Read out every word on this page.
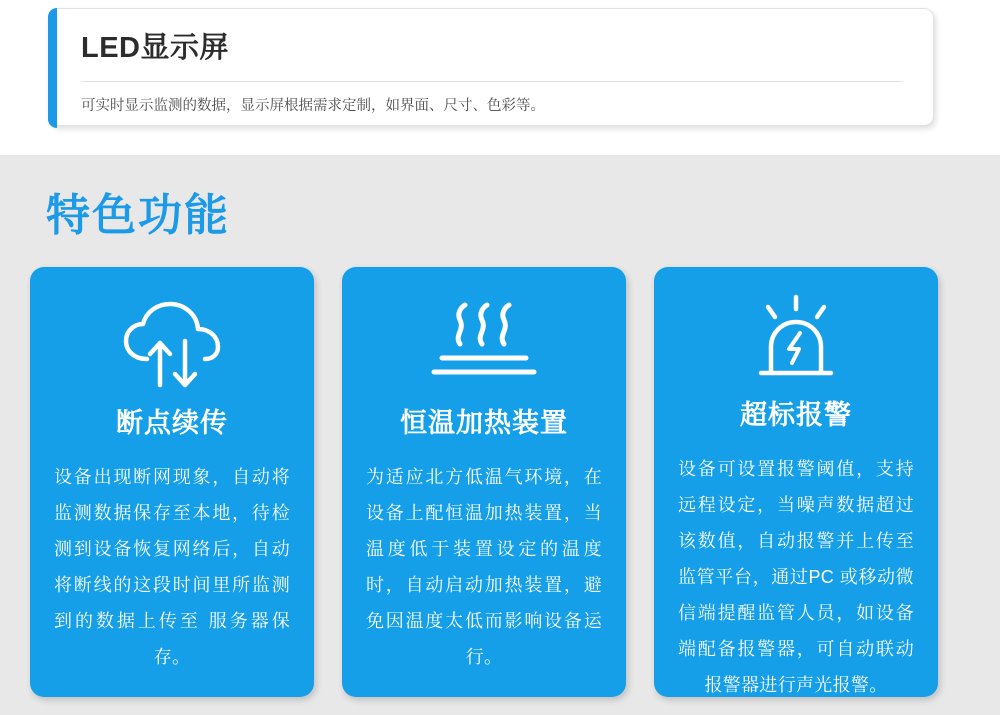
LED显示屏

可实时显示监测的数据，显示屏根据需求定制，如界面、尺寸、色彩等。

特色功能
断点续传

设备出现断网现象，自动将监测数据保存至本地，待检测到设备恢复网络后，自动将断线的这段时间里所监测到的数据上传至 服务器保存。

恒温加热装置

为适应北方低温气环境，在设备上配恒温加热装置，当温度低于装置设定的温度时，自动启动加热装置，避免因温度太低而影响设备运行。

超标报警

设备可设置报警阈值，支持远程设定，当噪声数据超过该数值，自动报警并上传至监管平台，通过PC 或移动微信端提醒监管人员，如设备端配备报警器，可自动联动报警器进行声光报警。
